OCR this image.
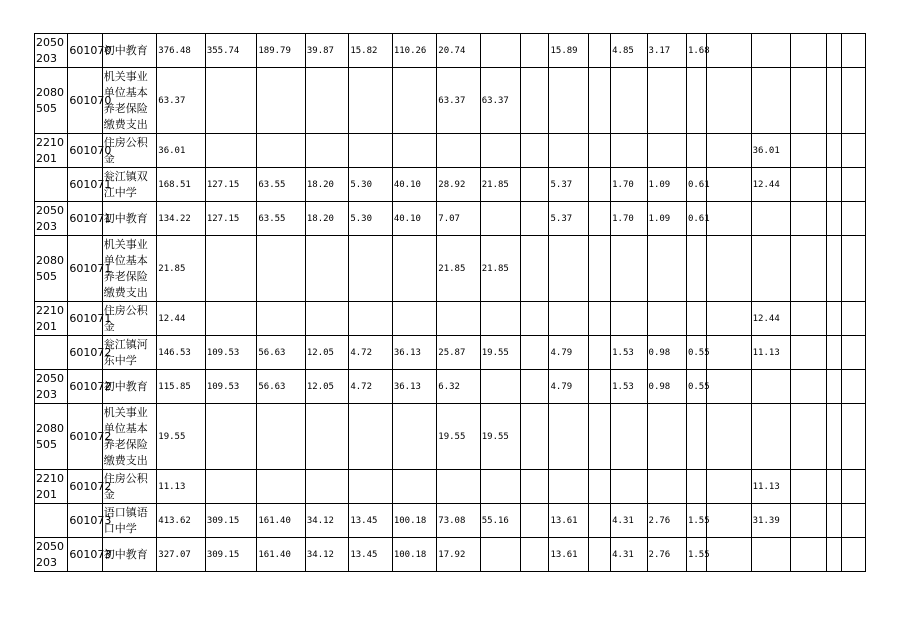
2050203	601070	初中教育	376.48	355.74	189.79	39.87	15.82	110.26	20.74			15.89		4.85	3.17	1.68					
2080505	601070	机关事业单位基本养老保险缴费支出	63.37						63.37	63.37											
2210201	601070	住房公积金	36.01															36.01			
	601071	瓮江镇双江中学	168.51	127.15	63.55	18.20	5.30	40.10	28.92	21.85		5.37		1.70	1.09	0.61		12.44			
2050203	601071	初中教育	134.22	127.15	63.55	18.20	5.30	40.10	7.07			5.37		1.70	1.09	0.61					
2080505	601071	机关事业单位基本养老保险缴费支出	21.85						21.85	21.85											
2210201	601071	住房公积金	12.44															12.44			
	601072	瓮江镇河东中学	146.53	109.53	56.63	12.05	4.72	36.13	25.87	19.55		4.79		1.53	0.98	0.55		11.13			
2050203	601072	初中教育	115.85	109.53	56.63	12.05	4.72	36.13	6.32			4.79		1.53	0.98	0.55					
2080505	601072	机关事业单位基本养老保险缴费支出	19.55						19.55	19.55											
2210201	601072	住房公积金	11.13															11.13			
	601073	语口镇语口中学	413.62	309.15	161.40	34.12	13.45	100.18	73.08	55.16		13.61		4.31	2.76	1.55		31.39			
2050203	601073	初中教育	327.07	309.15	161.40	34.12	13.45	100.18	17.92			13.61		4.31	2.76	1.55					
